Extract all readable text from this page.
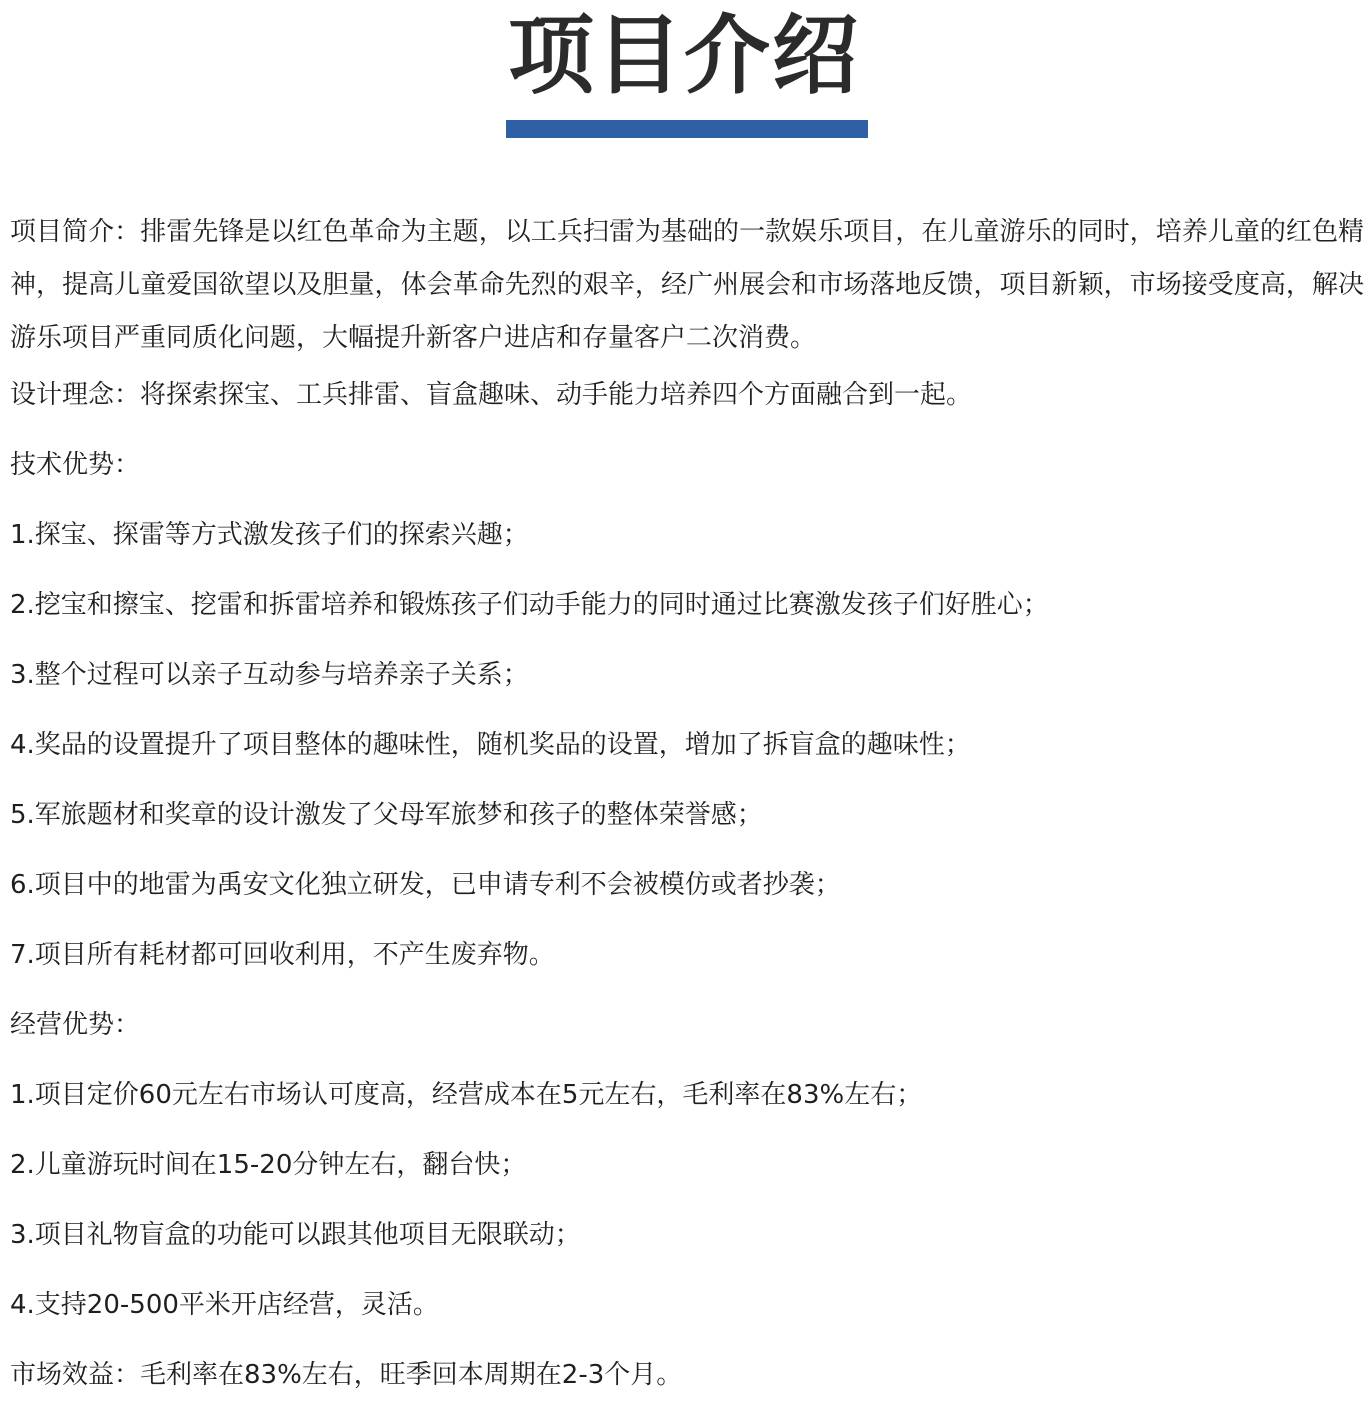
项目介绍

项目简介：排雷先锋是以红色革命为主题，以工兵扫雷为基础的一款娱乐项目，在儿童游乐的同时，培养儿童的红色精神，提高儿童爱国欲望以及胆量，体会革命先烈的艰辛，经广州展会和市场落地反馈，项目新颖，市场接受度高，解决游乐项目严重同质化问题，大幅提升新客户进店和存量客户二次消费。

设计理念：将探索探宝、工兵排雷、盲盒趣味、动手能力培养四个方面融合到一起。

技术优势：

1.探宝、探雷等方式激发孩子们的探索兴趣；

2.挖宝和擦宝、挖雷和拆雷培养和锻炼孩子们动手能力的同时通过比赛激发孩子们好胜心；

3.整个过程可以亲子互动参与培养亲子关系；

4.奖品的设置提升了项目整体的趣味性，随机奖品的设置，增加了拆盲盒的趣味性；

5.军旅题材和奖章的设计激发了父母军旅梦和孩子的整体荣誉感；

6.项目中的地雷为禹安文化独立研发，已申请专利不会被模仿或者抄袭；

7.项目所有耗材都可回收利用，不产生废弃物。

经营优势：

1.项目定价60元左右市场认可度高，经营成本在5元左右，毛利率在83%左右；

2.儿童游玩时间在15-20分钟左右，翻台快；

3.项目礼物盲盒的功能可以跟其他项目无限联动；

4.支持20-500平米开店经营，灵活。

市场效益：毛利率在83%左右，旺季回本周期在2-3个月。
